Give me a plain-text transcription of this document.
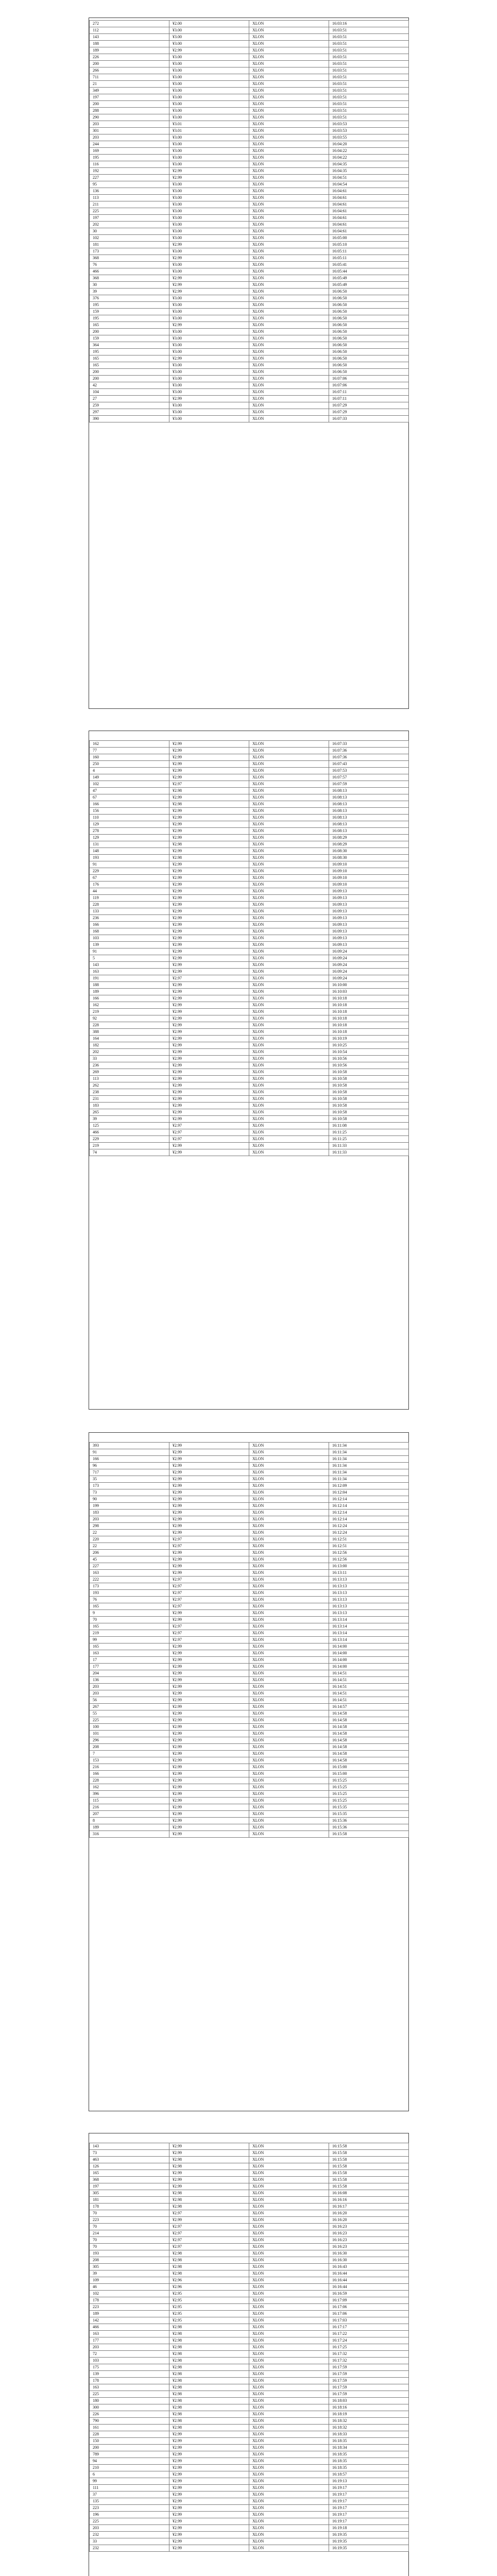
272	¥2.00	XLON	16:03:16
112	¥3.00	XLON	16:03:51
143	¥3.00	XLON	16:03:51
188	¥3.00	XLON	16:03:51
189	¥2.99	XLON	16:03:51
226	¥3.00	XLON	16:03:51
200	¥3.00	XLON	16:03:51
266	¥3.00	XLON	16:03:51
711	¥3.00	XLON	16:03:51
21	¥3.00	XLON	16:03:51
349	¥3.00	XLON	16:03:51
197	¥3.00	XLON	16:03:51
200	¥3.00	XLON	16:03:51
288	¥3.00	XLON	16:03:51
290	¥3.00	XLON	16:03:51
203	¥3.01	XLON	16:03:53
301	¥3.01	XLON	16:03:53
203	¥3.00	XLON	16:03:55
244	¥3.00	XLON	16:04:20
169	¥3.00	XLON	16:04:22
195	¥3.00	XLON	16:04:22
116	¥3.00	XLON	16:04:35
192	¥2.99	XLON	16:04:35
227	¥2.99	XLON	16:04:51
95	¥3.00	XLON	16:04:54
136	¥3.00	XLON	16:04:61
113	¥3.00	XLON	16:04:61
211	¥3.00	XLON	16:04:61
225	¥3.00	XLON	16:04:61
197	¥3.00	XLON	16:04:61
202	¥3.00	XLON	16:04:61
30	¥3.00	XLON	16:04:61
102	¥3.00	XLON	16:05:00
181	¥2.99	XLON	16:05:10
173	¥3.00	XLON	16:05:11
368	¥2.99	XLON	16:05:11
76	¥3.00	XLON	16:05:41
466	¥3.00	XLON	16:05:44
368	¥2.99	XLON	16:05:49
30	¥2.99	XLON	16:05:49
39	¥2.99	XLON	16:06:50
376	¥3.00	XLON	16:06:50
195	¥3.00	XLON	16:06:50
159	¥3.00	XLON	16:06:50
195	¥3.00	XLON	16:06:50
165	¥2.99	XLON	16:06:50
200	¥3.00	XLON	16:06:50
159	¥3.00	XLON	16:06:50
364	¥3.00	XLON	16:06:50
195	¥3.00	XLON	16:06:50
165	¥2.99	XLON	16:06:50
165	¥3.00	XLON	16:06:50
200	¥3.00	XLON	16:06:50
200	¥3.00	XLON	16:07:06
42	¥3.00	XLON	16:07:06
104	¥3.00	XLON	16:07:11
27	¥2.99	XLON	16:07:11
259	¥3.00	XLON	16:07:29
297	¥3.00	XLON	16:07:29
390	¥3.00	XLON	16:07:33
162	¥2.99	XLON	16:07:33
77	¥2.99	XLON	16:07:36
160	¥2.99	XLON	16:07:36
250	¥2.99	XLON	16:07:43
4	¥2.99	XLON	16:07:53
149	¥2.99	XLON	16:07:57
102	¥2.97	XLON	16:07:59
47	¥2.98	XLON	16:08:13
67	¥2.99	XLON	16:08:13
166	¥2.98	XLON	16:08:13
156	¥2.99	XLON	16:08:13
110	¥2.99	XLON	16:08:13
129	¥2.99	XLON	16:08:13
278	¥2.99	XLON	16:08:13
129	¥2.99	XLON	16:08:29
131	¥2.98	XLON	16:08:29
148	¥2.99	XLON	16:08:30
193	¥2.98	XLON	16:08:30
91	¥2.99	XLON	16:09:10
229	¥2.99	XLON	16:09:10
67	¥2.99	XLON	16:09:10
176	¥2.99	XLON	16:09:10
44	¥2.99	XLON	16:09:13
119	¥2.99	XLON	16:09:13
228	¥2.99	XLON	16:09:13
133	¥2.99	XLON	16:09:13
236	¥2.99	XLON	16:09:13
166	¥2.99	XLON	16:09:13
168	¥2.99	XLON	16:09:13
103	¥2.99	XLON	16:09:13
139	¥2.99	XLON	16:09:13
91	¥2.99	XLON	16:09:24
5	¥2.99	XLON	16:09:24
143	¥2.99	XLON	16:09:24
163	¥2.99	XLON	16:09:24
191	¥2.97	XLON	16:09:24
188	¥2.99	XLON	16:10:00
189	¥2.99	XLON	16:10:03
166	¥2.99	XLON	16:10:18
162	¥2.99	XLON	16:10:18
219	¥2.99	XLON	16:10:18
92	¥2.99	XLON	16:10:18
228	¥2.99	XLON	16:10:18
388	¥2.99	XLON	16:10:18
164	¥2.99	XLON	16:10:19
182	¥2.99	XLON	16:10:25
202	¥2.99	XLON	16:10:54
33	¥2.99	XLON	16:10:56
236	¥2.99	XLON	16:10:56
269	¥2.99	XLON	16:10:58
113	¥2.99	XLON	16:10:58
262	¥2.99	XLON	16:10:58
238	¥2.99	XLON	16:10:58
231	¥2.99	XLON	16:10:58
183	¥2.99	XLON	16:10:58
265	¥2.99	XLON	16:10:58
39	¥2.99	XLON	16:10:58
125	¥2.97	XLON	16:11:08
466	¥2.97	XLON	16:11:25
229	¥2.97	XLON	16:11:25
219	¥2.99	XLON	16:11:33
74	¥2.99	XLON	16:11:33
393	¥2.99	XLON	16:11:34
91	¥2.99	XLON	16:11:34
166	¥2.99	XLON	16:11:34
96	¥2.99	XLON	16:11:34
717	¥2.99	XLON	16:11:34
35	¥2.99	XLON	16:11:34
173	¥2.99	XLON	16:12:09
73	¥2.99	XLON	16:12:04
90	¥2.99	XLON	16:12:14
199	¥2.99	XLON	16:12:14
183	¥2.99	XLON	16:12:14
203	¥2.99	XLON	16:12:14
298	¥2.99	XLON	16:12:24
22	¥2.99	XLON	16:12:24
220	¥2.97	XLON	16:12:51
22	¥2.97	XLON	16:12:51
206	¥2.99	XLON	16:12:56
45	¥2.99	XLON	16:12:56
227	¥2.99	XLON	16:13:00
163	¥2.99	XLON	16:13:11
222	¥2.97	XLON	16:13:13
173	¥2.97	XLON	16:13:13
193	¥2.97	XLON	16:13:13
76	¥2.97	XLON	16:13:13
165	¥2.97	XLON	16:13:13
9	¥2.99	XLON	16:13:13
70	¥2.99	XLON	16:13:14
165	¥2.97	XLON	16:13:14
219	¥2.97	XLON	16:13:14
99	¥2.97	XLON	16:13:14
165	¥2.99	XLON	16:14:00
163	¥2.99	XLON	16:14:00
17	¥2.99	XLON	16:14:00
177	¥2.99	XLON	16:14:00
204	¥2.99	XLON	16:14:51
136	¥2.99	XLON	16:14:51
203	¥2.99	XLON	16:14:51
203	¥2.99	XLON	16:14:51
56	¥2.99	XLON	16:14:51
267	¥2.99	XLON	16:14:57
55	¥2.99	XLON	16:14:58
225	¥2.99	XLON	16:14:58
100	¥2.99	XLON	16:14:58
101	¥2.99	XLON	16:14:58
296	¥2.99	XLON	16:14:58
208	¥2.99	XLON	16:14:58
7	¥2.99	XLON	16:14:58
153	¥2.99	XLON	16:14:58
216	¥2.99	XLON	16:15:00
166	¥2.99	XLON	16:15:00
228	¥2.99	XLON	16:15:25
162	¥2.99	XLON	16:15:25
396	¥2.99	XLON	16:15:25
115	¥2.99	XLON	16:15:25
216	¥2.99	XLON	16:15:35
207	¥2.99	XLON	16:15:35
8	¥2.99	XLON	16:15:36
189	¥2.99	XLON	16:15:36
316	¥2.99	XLON	16:15:58
143	¥2.99	XLON	16:15:58
73	¥2.99	XLON	16:15:58
463	¥2.98	XLON	16:15:58
126	¥2.98	XLON	16:15:58
165	¥2.99	XLON	16:15:58
368	¥2.99	XLON	16:15:58
197	¥2.99	XLON	16:15:58
305	¥2.98	XLON	16:16:08
181	¥2.98	XLON	16:16:16
178	¥2.98	XLON	16:16:17
70	¥2.97	XLON	16:16:20
223	¥2.99	XLON	16:16:20
70	¥2.97	XLON	16:16:23
214	¥2.97	XLON	16:16:23
70	¥2.97	XLON	16:16:23
70	¥2.97	XLON	16:16:23
193	¥2.98	XLON	16:16:30
208	¥2.98	XLON	16:16:30
305	¥2.98	XLON	16:16:43
39	¥2.98	XLON	16:16:44
109	¥2.96	XLON	16:16:44
46	¥2.96	XLON	16:16:44
102	¥2.95	XLON	16:16:59
178	¥2.95	XLON	16:17:09
223	¥2.95	XLON	16:17:06
189	¥2.95	XLON	16:17:06
142	¥2.95	XLON	16:17:03
466	¥2.98	XLON	16:17:17
163	¥2.98	XLON	16:17:22
177	¥2.98	XLON	16:17:24
203	¥2.98	XLON	16:17:25
72	¥2.98	XLON	16:17:32
103	¥2.98	XLON	16:17:32
175	¥2.98	XLON	16:17:59
139	¥2.98	XLON	16:17:59
178	¥2.98	XLON	16:17:59
163	¥2.98	XLON	16:17:59
225	¥2.98	XLON	16:17:59
180	¥2.98	XLON	16:18:03
300	¥2.98	XLON	16:18:16
226	¥2.98	XLON	16:18:19
790	¥2.98	XLON	16:18:32
161	¥2.98	XLON	16:18:32
228	¥2.99	XLON	16:18:33
150	¥2.99	XLON	16:18:35
200	¥2.99	XLON	16:18:34
789	¥2.99	XLON	16:18:35
94	¥2.99	XLON	16:18:35
210	¥2.99	XLON	16:18:35
6	¥2.99	XLON	16:18:57
99	¥2.99	XLON	16:19:13
111	¥2.99	XLON	16:19:17
37	¥2.99	XLON	16:19:17
135	¥2.99	XLON	16:19:17
223	¥2.99	XLON	16:19:17
196	¥2.99	XLON	16:19:17
225	¥2.99	XLON	16:19:17
203	¥2.99	XLON	16:19:18
232	¥2.99	XLON	16:19:35
33	¥2.99	XLON	16:19:35
232	¥2.99	XLON	16:19:35
